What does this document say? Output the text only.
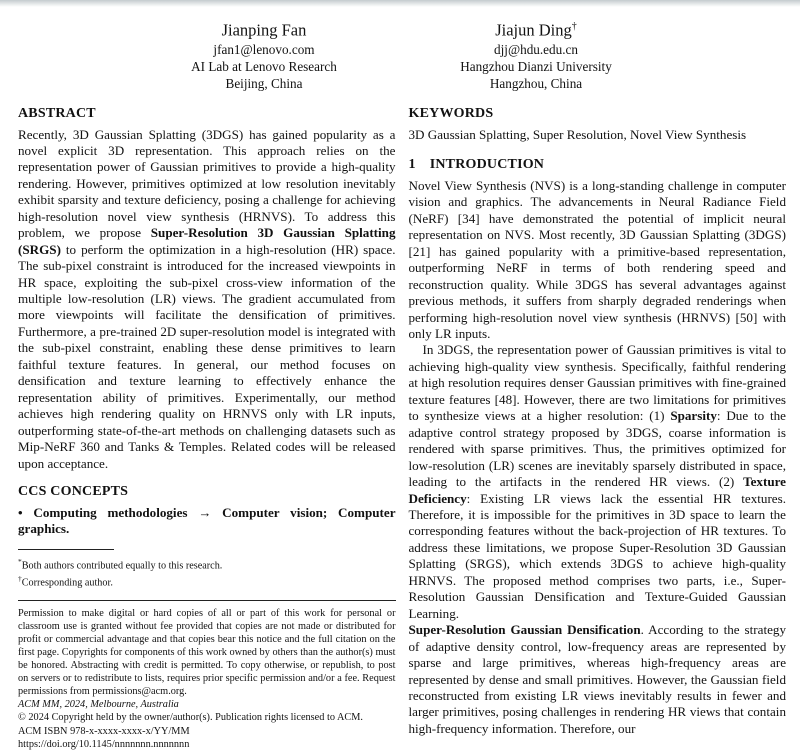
Jianping Fan
jfan1@lenovo.com
AI Lab at Lenovo Research
Beijing, China
Jiajun Ding†
djj@hdu.edu.cn
Hangzhou Dianzi University
Hangzhou, China
ABSTRACT

Recently, 3D Gaussian Splatting (3DGS) has gained popularity as a novel explicit 3D representation. This approach relies on the representation power of Gaussian primitives to provide a high-quality rendering. However, primitives optimized at low resolution inevitably exhibit sparsity and texture deficiency, posing a challenge for achieving high-resolution novel view synthesis (HRNVS). To address this problem, we propose Super-Resolution 3D Gaussian Splatting (SRGS) to perform the optimization in a high-resolution (HR) space. The sub-pixel constraint is introduced for the increased viewpoints in HR space, exploiting the sub-pixel cross-view information of the multiple low-resolution (LR) views. The gradient accumulated from more viewpoints will facilitate the densification of primitives. Furthermore, a pre-trained 2D super-resolution model is integrated with the sub-pixel constraint, enabling these dense primitives to learn faithful texture features. In general, our method focuses on densification and texture learning to effectively enhance the representation ability of primitives. Experimentally, our method achieves high rendering quality on HRNVS only with LR inputs, outperforming state-of-the-art methods on challenging datasets such as Mip-NeRF 360 and Tanks & Temples. Related codes will be released upon acceptance.

CCS CONCEPTS

• Computing methodologies → Computer vision; Computer graphics.

*Both authors contributed equally to this research.

†Corresponding author.

Permission to make digital or hard copies of all or part of this work for personal or classroom use is granted without fee provided that copies are not made or distributed for profit or commercial advantage and that copies bear this notice and the full citation on the first page. Copyrights for components of this work owned by others than the author(s) must be honored. Abstracting with credit is permitted. To copy otherwise, or republish, to post on servers or to redistribute to lists, requires prior specific permission and/or a fee. Request permissions from permissions@acm.org.

ACM MM, 2024, Melbourne, Australia

© 2024 Copyright held by the owner/author(s). Publication rights licensed to ACM.

ACM ISBN 978-x-xxxx-xxxx-x/YY/MM

https://doi.org/10.1145/nnnnnnn.nnnnnnn

KEYWORDS

3D Gaussian Splatting, Super Resolution, Novel View Synthesis

1 INTRODUCTION

Novel View Synthesis (NVS) is a long-standing challenge in computer vision and graphics. The advancements in Neural Radiance Field (NeRF) [34] have demonstrated the potential of implicit neural representation on NVS. Most recently, 3D Gaussian Splatting (3DGS) [21] has gained popularity with a primitive-based representation, outperforming NeRF in terms of both rendering speed and reconstruction quality. While 3DGS has several advantages against previous methods, it suffers from sharply degraded renderings when performing high-resolution novel view synthesis (HRNVS) [50] with only LR inputs.

In 3DGS, the representation power of Gaussian primitives is vital to achieving high-quality view synthesis. Specifically, faithful rendering at high resolution requires denser Gaussian primitives with fine-grained texture features [48]. However, there are two limitations for primitives to synthesize views at a higher resolution: (1) Sparsity: Due to the adaptive control strategy proposed by 3DGS, coarse information is rendered with sparse primitives. Thus, the primitives optimized for low-resolution (LR) scenes are inevitably sparsely distributed in space, leading to the artifacts in the rendered HR views. (2) Texture Deficiency: Existing LR views lack the essential HR textures. Therefore, it is impossible for the primitives in 3D space to learn the corresponding features without the back-projection of HR textures. To address these limitations, we propose Super-Resolution 3D Gaussian Splatting (SRGS), which extends 3DGS to achieve high-quality HRNVS. The proposed method comprises two parts, i.e., Super-Resolution Gaussian Densification and Texture-Guided Gaussian Learning.

Super-Resolution Gaussian Densification. According to the strategy of adaptive density control, low-frequency areas are represented by sparse and large primitives, whereas high-frequency areas are represented by dense and small primitives. However, the Gaussian field reconstructed from existing LR views inevitably results in fewer and larger primitives, posing challenges in rendering HR views that contain high-frequency information. Therefore, our
